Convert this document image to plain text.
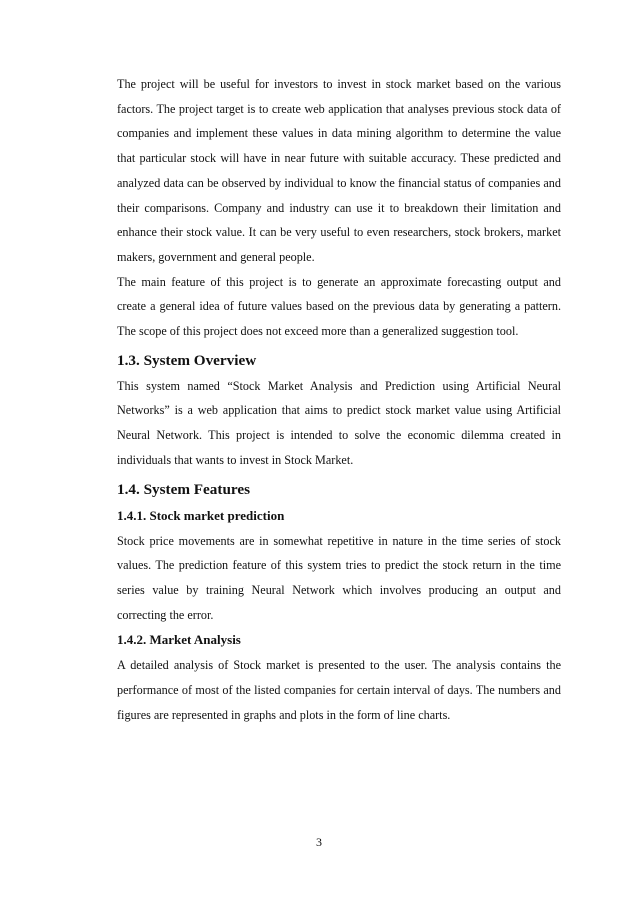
The project will be useful for investors to invest in stock market based on the various factors. The project target is to create web application that analyses previous stock data of companies and implement these values in data mining algorithm to determine the value that particular stock will have in near future with suitable accuracy. These predicted and analyzed data can be observed by individual to know the financial status of companies and their comparisons. Company and industry can use it to breakdown their limitation and enhance their stock value. It can be very useful to even researchers, stock brokers, market makers, government and general people.

The main feature of this project is to generate an approximate forecasting output and create a general idea of future values based on the previous data by generating a pattern. The scope of this project does not exceed more than a generalized suggestion tool.

1.3. System Overview

This system named “Stock Market Analysis and Prediction using Artificial Neural Networks” is a web application that aims to predict stock market value using Artificial Neural Network. This project is intended to solve the economic dilemma created in individuals that wants to invest in Stock Market.

1.4. System Features
1.4.1. Stock market prediction

Stock price movements are in somewhat repetitive in nature in the time series of stock values. The prediction feature of this system tries to predict the stock return in the time series value by training Neural Network which involves producing an output and correcting the error.

1.4.2. Market Analysis

A detailed analysis of Stock market is presented to the user. The analysis contains the performance of most of the listed companies for certain interval of days. The numbers and figures are represented in graphs and plots in the form of line charts.

3
